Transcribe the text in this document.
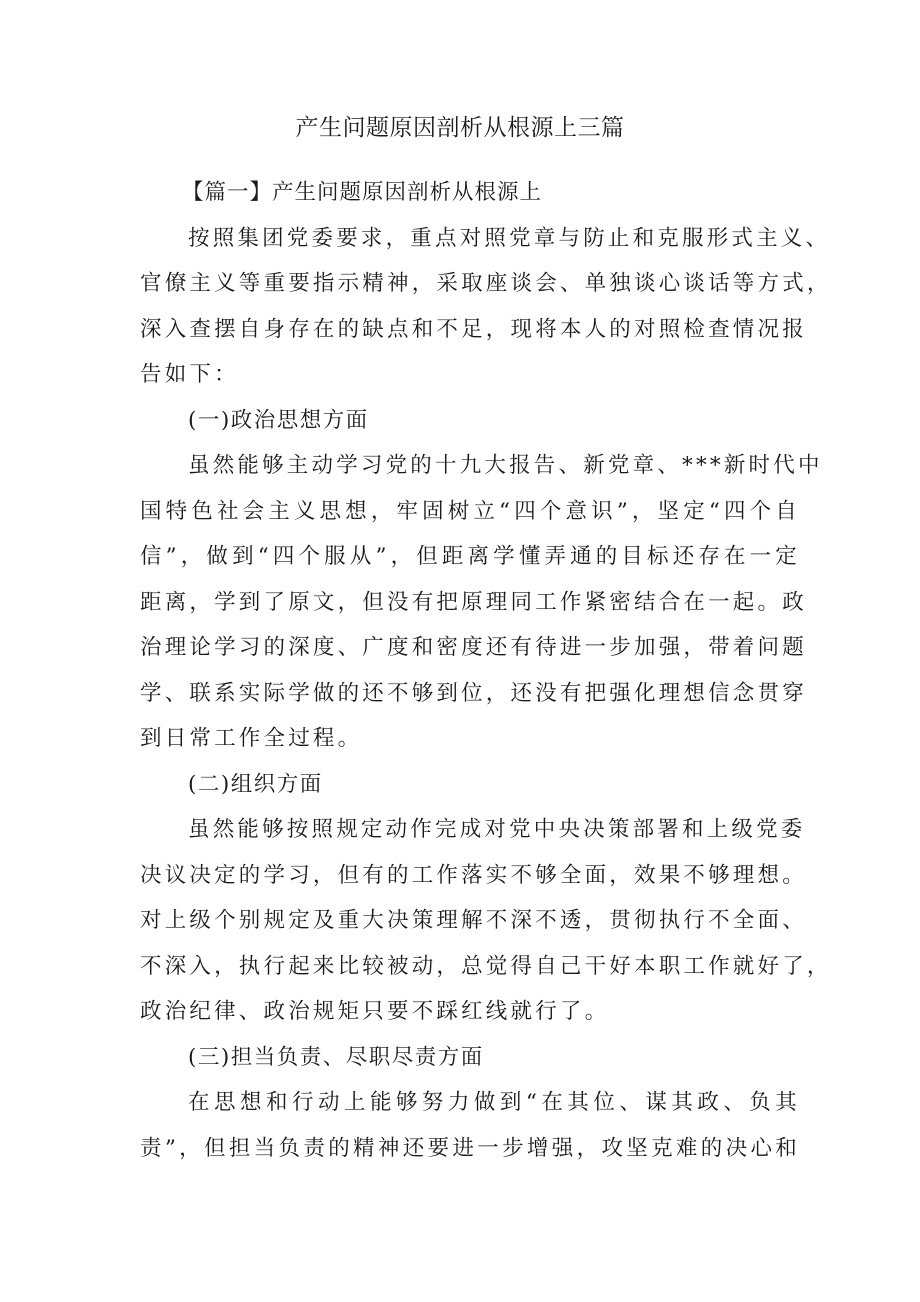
产生问题原因剖析从根源上三篇
【篇一】产生问题原因剖析从根源上
按照集团党委要求，重点对照党章与防止和克服形式主义、
官僚主义等重要指示精神，采取座谈会、单独谈心谈话等方式，
深入查摆自身存在的缺点和不足，现将本人的对照检查情况报
告如下：
(一)政治思想方面
虽然能够主动学习党的十九大报告、新党章、***新时代中
国特色社会主义思想，牢固树立“四个意识”，坚定“四个自
信”，做到“四个服从”，但距离学懂弄通的目标还存在一定
距离，学到了原文，但没有把原理同工作紧密结合在一起。政
治理论学习的深度、广度和密度还有待进一步加强，带着问题
学、联系实际学做的还不够到位，还没有把强化理想信念贯穿
到日常工作全过程。
(二)组织方面
虽然能够按照规定动作完成对党中央决策部署和上级党委
决议决定的学习，但有的工作落实不够全面，效果不够理想。
对上级个别规定及重大决策理解不深不透，贯彻执行不全面、
不深入，执行起来比较被动，总觉得自己干好本职工作就好了，
政治纪律、政治规矩只要不踩红线就行了。
(三)担当负责、尽职尽责方面
在思想和行动上能够努力做到“在其位、谋其政、负其
责”，但担当负责的精神还要进一步增强，攻坚克难的决心和
